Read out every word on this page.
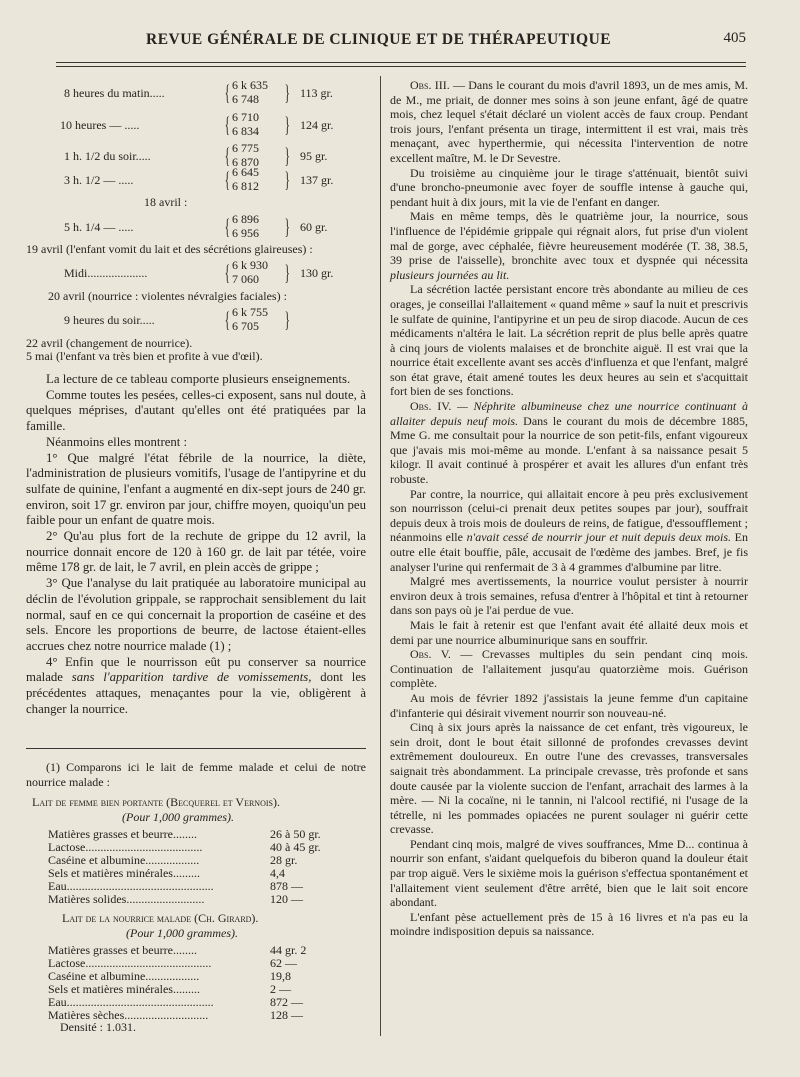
REVUE GÉNÉRALE DE CLINIQUE ET DE THÉRAPEUTIQUE	405
8 heures du matin.....	{ 6 k 635
6 748 } 113 gr.
10 heures — .....	{ 6 710
6 834 } 124 gr.
1 h. 1/2 du soir.....	{ 6 775
6 870 } 95 gr.
3 h. 1/2 — .....	{ 6 645
6 812 } 137 gr.
18 avril :
5 h. 1/4 — .....	{ 6 896
6 956 } 60 gr.
19 avril (l'enfant vomit du lait et des sécrétions glaireuses) :
Midi....................	{ 6 k 930
7 060 } 130 gr.
20 avril (nourrice : violentes névralgies faciales) :
9 heures du soir.....	{ 6 k 755
6 705 }
22 avril (changement de nourrice).
5 mai (l'enfant va très bien et profite à vue d'œil).

La lecture de ce tableau comporte plusieurs enseignements.

Comme toutes les pesées, celles-ci exposent, sans nul doute, à quelques méprises, d'autant qu'elles ont été pratiquées par la famille.

Néanmoins elles montrent :

1° Que malgré l'état fébrile de la nourrice, la diète, l'administration de plusieurs vomitifs, l'usage de l'antipyrine et du sulfate de quinine, l'enfant a augmenté en dix-sept jours de 240 gr. environ, soit 17 gr. environ par jour, chiffre moyen, quoiqu'un peu faible pour un enfant de quatre mois.

2° Qu'au plus fort de la rechute de grippe du 12 avril, la nourrice donnait encore de 120 à 160 gr. de lait par tétée, voire même 178 gr. de lait, le 7 avril, en plein accès de grippe ;

3° Que l'analyse du lait pratiquée au laboratoire municipal au déclin de l'évolution grippale, se rapprochait sensiblement du lait normal, sauf en ce qui concernait la proportion de caséine et des sels. Encore les proportions de beurre, de lactose étaient-elles accrues chez notre nourrice malade (1) ;

4° Enfin que le nourrisson eût pu conserver sa nourrice malade sans l'apparition tardive de vomissements, dont les précédentes attaques, menaçantes pour la vie, obligèrent à changer la nourrice.

(1) Comparons ici le lait de femme malade et celui de notre nourrice malade :

Lait de femme bien portante (Becquerel et Vernois).
(Pour 1,000 grammes).
Matières grasses et beurre........	26 à 50 gr.
Lactose.......................................	40 à 45 gr.
Caséine et albumine..................	28 gr.
Sels et matières minérales.........	4,4
Eau.................................................	878 —
Matières solides..........................	120 —
Lait de la nourrice malade (Ch. Girard).
(Pour 1,000 grammes).
Matières grasses et beurre........	44 gr. 2
Lactose..........................................	62 —
Caséine et albumine..................	19,8
Sels et matières minérales.........	2 —
Eau.................................................	872 —
Matières sèches............................	128 —
Densité : 1.031.

Obs. III. — Dans le courant du mois d'avril 1893, un de mes amis, M. de M., me priait, de donner mes soins à son jeune enfant, âgé de quatre mois, chez lequel s'était déclaré un violent accès de faux croup. Pendant trois jours, l'enfant présenta un tirage, intermittent il est vrai, mais très menaçant, avec hyperthermie, qui nécessita l'intervention de notre excellent maître, M. le Dr Sevestre.

Du troisième au cinquième jour le tirage s'atténuait, bientôt suivi d'une broncho-pneumonie avec foyer de souffle intense à gauche qui, pendant huit à dix jours, mit la vie de l'enfant en danger.

Mais en même temps, dès le quatrième jour, la nourrice, sous l'influence de l'épidémie grippale qui régnait alors, fut prise d'un violent mal de gorge, avec céphalée, fièvre heureusement modérée (T. 38, 38.5, 39 prise de l'aisselle), bronchite avec toux et dyspnée qui nécessita plusieurs journées au lit.

La sécrétion lactée persistant encore très abondante au milieu de ces orages, je conseillai l'allaitement « quand même » sauf la nuit et prescrivis le sulfate de quinine, l'antipyrine et un peu de sirop diacode. Aucun de ces médicaments n'altéra le lait. La sécrétion reprit de plus belle après quatre à cinq jours de violents malaises et de bronchite aiguë. Il est vrai que la nourrice était excellente avant ses accès d'influenza et que l'enfant, malgré son état grave, était amené toutes les deux heures au sein et s'acquittait fort bien de ses fonctions.

Obs. IV. — Néphrite albumineuse chez une nourrice continuant à allaiter depuis neuf mois. Dans le courant du mois de décembre 1885, Mme G. me consultait pour la nourrice de son petit-fils, enfant vigoureux que j'avais mis moi-même au monde. L'enfant à sa naissance pesait 5 kilogr. Il avait continué à prospérer et avait les allures d'un enfant très robuste.

Par contre, la nourrice, qui allaitait encore à peu près exclusivement son nourrisson (celui-ci prenait deux petites soupes par jour), souffrait depuis deux à trois mois de douleurs de reins, de fatigue, d'essoufflement ; néanmoins elle n'avait cessé de nourrir jour et nuit depuis deux mois. En outre elle était bouffie, pâle, accusait de l'œdème des jambes. Bref, je fis analyser l'urine qui renfermait de 3 à 4 grammes d'albumine par litre.

Malgré mes avertissements, la nourrice voulut persister à nourrir environ deux à trois semaines, refusa d'entrer à l'hôpital et tint à retourner dans son pays où je l'ai perdue de vue.

Mais le fait à retenir est que l'enfant avait été allaité deux mois et demi par une nourrice albuminurique sans en souffrir.

Obs. V. — Crevasses multiples du sein pendant cinq mois. Continuation de l'allaitement jusqu'au quatorzième mois. Guérison complète.

Au mois de février 1892 j'assistais la jeune femme d'un capitaine d'infanterie qui désirait vivement nourrir son nouveau-né.

Cinq à six jours après la naissance de cet enfant, très vigoureux, le sein droit, dont le bout était sillonné de profondes crevasses devint extrêmement douloureux. En outre l'une des crevasses, transversales saignait très abondamment. La principale crevasse, très profonde et sans doute causée par la violente succion de l'enfant, arrachait des larmes à la mère. — Ni la cocaïne, ni le tannin, ni l'alcool rectifié, ni l'usage de la tétrelle, ni les pommades opiacées ne purent soulager ni guérir cette crevasse.

Pendant cinq mois, malgré de vives souffrances, Mme D... continua à nourrir son enfant, s'aidant quelquefois du biberon quand la douleur était par trop aiguë. Vers le sixième mois la guérison s'effectua spontanément et l'allaitement vient seulement d'être arrêté, bien que le lait soit encore abondant.

L'enfant pèse actuellement près de 15 à 16 livres et n'a pas eu la moindre indisposition depuis sa naissance.
